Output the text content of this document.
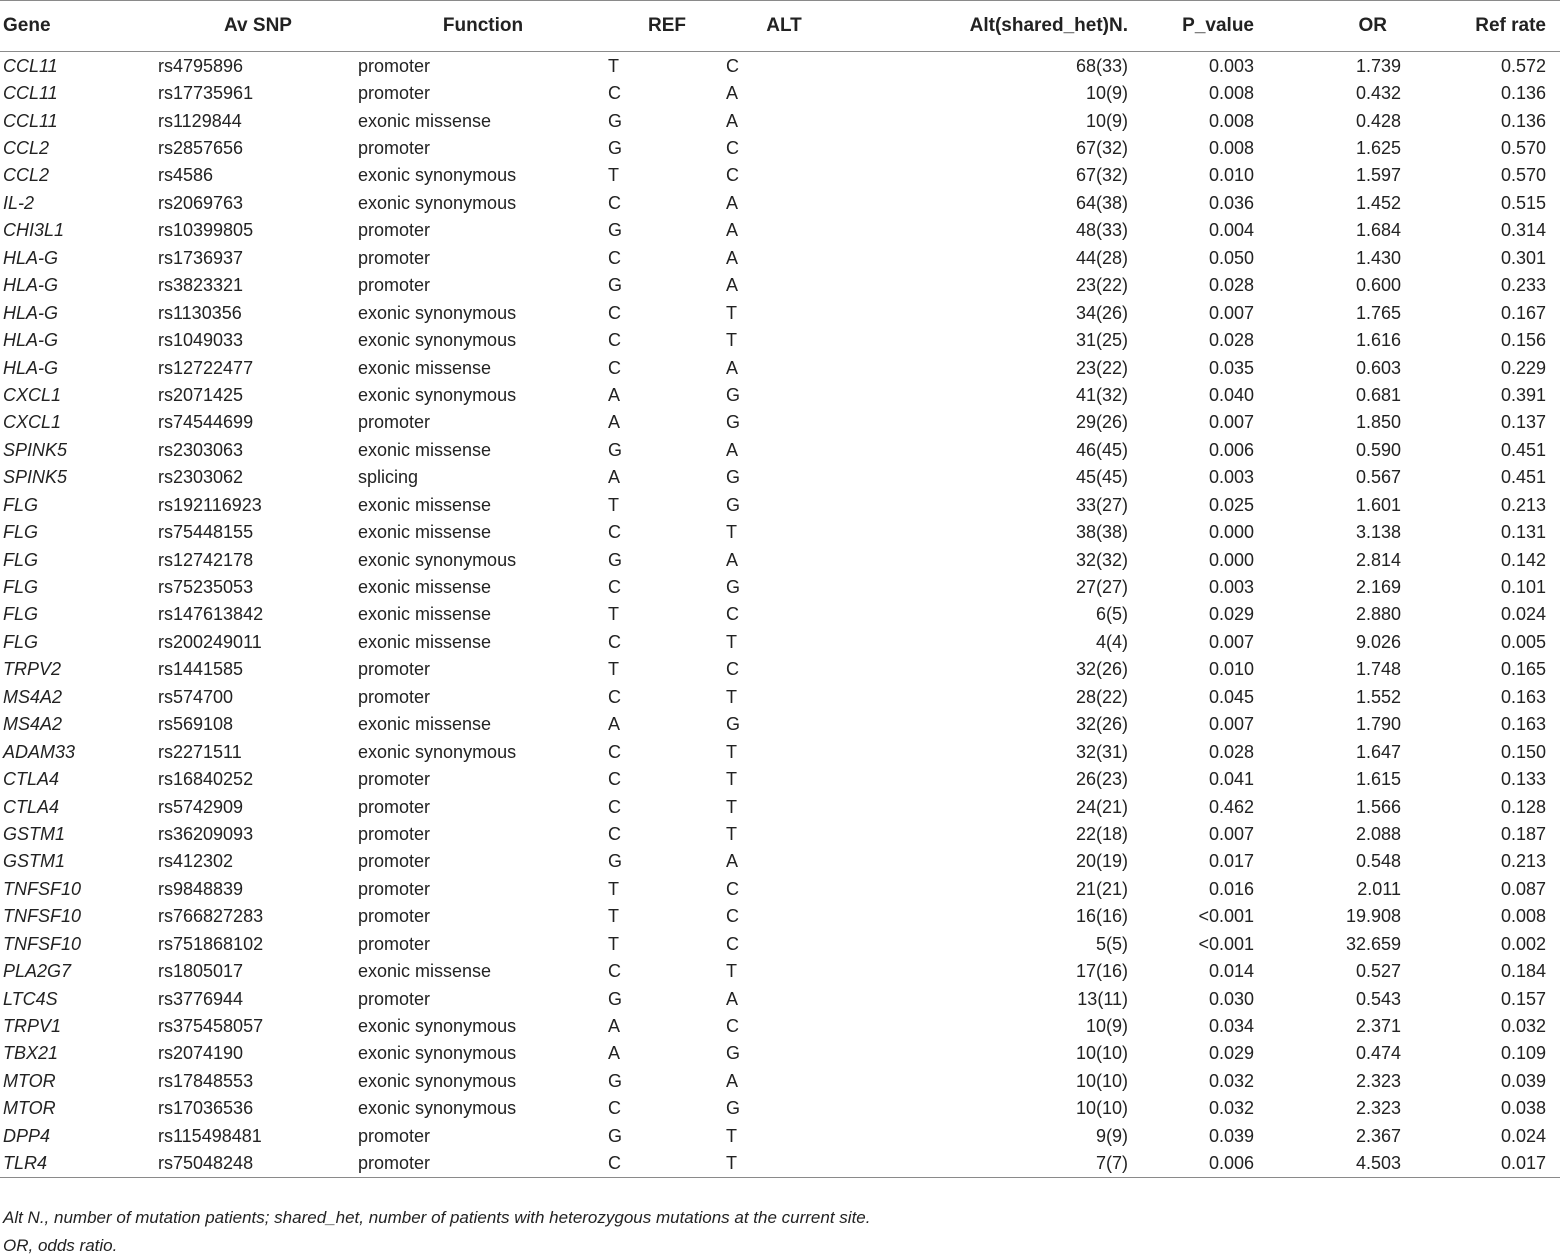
Gene	Av SNP	Function	REF	ALT	Alt(shared_het)N.	P_value	OR	Ref rate
CCL11	rs4795896	promoter	T	C	68(33)	0.003	1.739	0.572
CCL11	rs17735961	promoter	C	A	10(9)	0.008	0.432	0.136
CCL11	rs1129844	exonic missense	G	A	10(9)	0.008	0.428	0.136
CCL2	rs2857656	promoter	G	C	67(32)	0.008	1.625	0.570
CCL2	rs4586	exonic synonymous	T	C	67(32)	0.010	1.597	0.570
IL-2	rs2069763	exonic synonymous	C	A	64(38)	0.036	1.452	0.515
CHI3L1	rs10399805	promoter	G	A	48(33)	0.004	1.684	0.314
HLA-G	rs1736937	promoter	C	A	44(28)	0.050	1.430	0.301
HLA-G	rs3823321	promoter	G	A	23(22)	0.028	0.600	0.233
HLA-G	rs1130356	exonic synonymous	C	T	34(26)	0.007	1.765	0.167
HLA-G	rs1049033	exonic synonymous	C	T	31(25)	0.028	1.616	0.156
HLA-G	rs12722477	exonic missense	C	A	23(22)	0.035	0.603	0.229
CXCL1	rs2071425	exonic synonymous	A	G	41(32)	0.040	0.681	0.391
CXCL1	rs74544699	promoter	A	G	29(26)	0.007	1.850	0.137
SPINK5	rs2303063	exonic missense	G	A	46(45)	0.006	0.590	0.451
SPINK5	rs2303062	splicing	A	G	45(45)	0.003	0.567	0.451
FLG	rs192116923	exonic missense	T	G	33(27)	0.025	1.601	0.213
FLG	rs75448155	exonic missense	C	T	38(38)	0.000	3.138	0.131
FLG	rs12742178	exonic synonymous	G	A	32(32)	0.000	2.814	0.142
FLG	rs75235053	exonic missense	C	G	27(27)	0.003	2.169	0.101
FLG	rs147613842	exonic missense	T	C	6(5)	0.029	2.880	0.024
FLG	rs200249011	exonic missense	C	T	4(4)	0.007	9.026	0.005
TRPV2	rs1441585	promoter	T	C	32(26)	0.010	1.748	0.165
MS4A2	rs574700	promoter	C	T	28(22)	0.045	1.552	0.163
MS4A2	rs569108	exonic missense	A	G	32(26)	0.007	1.790	0.163
ADAM33	rs2271511	exonic synonymous	C	T	32(31)	0.028	1.647	0.150
CTLA4	rs16840252	promoter	C	T	26(23)	0.041	1.615	0.133
CTLA4	rs5742909	promoter	C	T	24(21)	0.462	1.566	0.128
GSTM1	rs36209093	promoter	C	T	22(18)	0.007	2.088	0.187
GSTM1	rs412302	promoter	G	A	20(19)	0.017	0.548	0.213
TNFSF10	rs9848839	promoter	T	C	21(21)	0.016	2.011	0.087
TNFSF10	rs766827283	promoter	T	C	16(16)	<0.001	19.908	0.008
TNFSF10	rs751868102	promoter	T	C	5(5)	<0.001	32.659	0.002
PLA2G7	rs1805017	exonic missense	C	T	17(16)	0.014	0.527	0.184
LTC4S	rs3776944	promoter	G	A	13(11)	0.030	0.543	0.157
TRPV1	rs375458057	exonic synonymous	A	C	10(9)	0.034	2.371	0.032
TBX21	rs2074190	exonic synonymous	A	G	10(10)	0.029	0.474	0.109
MTOR	rs17848553	exonic synonymous	G	A	10(10)	0.032	2.323	0.039
MTOR	rs17036536	exonic synonymous	C	G	10(10)	0.032	2.323	0.038
DPP4	rs115498481	promoter	G	T	9(9)	0.039	2.367	0.024
TLR4	rs75048248	promoter	C	T	7(7)	0.006	4.503	0.017
Alt N., number of mutation patients; shared_het, number of patients with heterozygous mutations at the current site.
OR, odds ratio.
